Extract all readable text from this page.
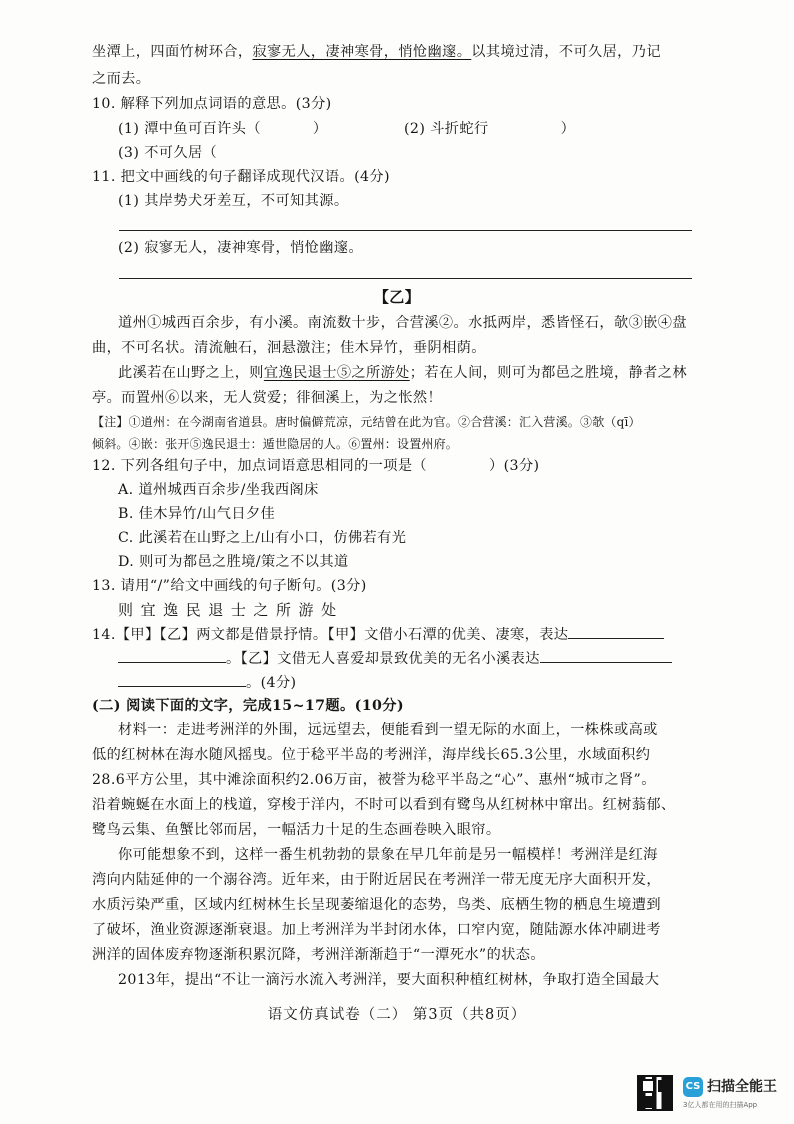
坐潭上，四面竹树环合，寂寥无人，凄神寒骨，悄怆幽邃。以其境过清，不可久居，乃记
之而去。
10. 解释下列加点词语的意思。(3分)
(1) 潭中鱼可百许头（	）	(2) 斗折蛇行	）
(3) 不可久居（
11. 把文中画线的句子翻译成现代汉语。(4分)
(1) 其岸势犬牙差互，不可知其源。
(2) 寂寥无人，凄神寒骨，悄怆幽邃。
【乙】
道州①城西百余步，有小溪。南流数十步，合营溪②。水抵两岸，悉皆怪石，欹③嵌④盘
曲，不可名状。清流触石，洄悬激注；佳木异竹，垂阴相荫。
此溪若在山野之上，则宜逸民退士⑤之所游处；若在人间，则可为都邑之胜境，静者之林
亭。而置州⑥以来，无人赏爱；徘徊溪上，为之怅然！
【注】①道州：在今湖南省道县。唐时偏僻荒凉，元结曾在此为官。②合营溪：汇入营溪。③欹（qī）
倾斜。④嵌：张开⑤逸民退士：遁世隐居的人。⑥置州：设置州府。
12. 下列各组句子中，加点词语意思相同的一项是（	）(3分)
A. 道州城西百余步/坐我西阁床
B. 佳木异竹/山气日夕佳
C. 此溪若在山野之上/山有小口，仿佛若有光
D. 则可为都邑之胜境/策之不以其道
13. 请用“/”给文中画线的句子断句。(3分)
则 宜 逸 民 退 士 之 所 游 处
14.【甲】【乙】两文都是借景抒情。【甲】文借小石潭的优美、凄寒，表达
。【乙】文借无人喜爱却景致优美的无名小溪表达
。(4分)
(二) 阅读下面的文字，完成15~17题。(10分)
材料一：走进考洲洋的外围，远远望去，便能看到一望无际的水面上，一株株或高或
低的红树林在海水随风摇曳。位于稔平半岛的考洲洋，海岸线长65.3公里，水域面积约
28.6平方公里，其中滩涂面积约2.06万亩，被誉为稔平半岛之“心”、惠州“城市之肾”。
沿着蜿蜒在水面上的栈道，穿梭于洋内，不时可以看到有鹭鸟从红树林中窜出。红树蓊郁、
鹭鸟云集、鱼蟹比邻而居，一幅活力十足的生态画卷映入眼帘。
你可能想象不到，这样一番生机勃勃的景象在早几年前是另一幅模样！考洲洋是红海
湾向内陆延伸的一个溺谷湾。近年来，由于附近居民在考洲洋一带无度无序大面积开发，
水质污染严重，区域内红树林生长呈现萎缩退化的态势，鸟类、底栖生物的栖息生境遭到
了破坏，渔业资源逐渐衰退。加上考洲洋为半封闭水体，口窄内宽，随陆源水体冲刷进考
洲洋的固体废弃物逐渐积累沉降，考洲洋渐渐趋于“一潭死水”的状态。
2013年，提出“不让一滴污水流入考洲洋，要大面积种植红树林，争取打造全国最大
语文仿真试卷（二） 第3页（共8页）
CS 扫描全能王
3亿人都在用的扫描App
